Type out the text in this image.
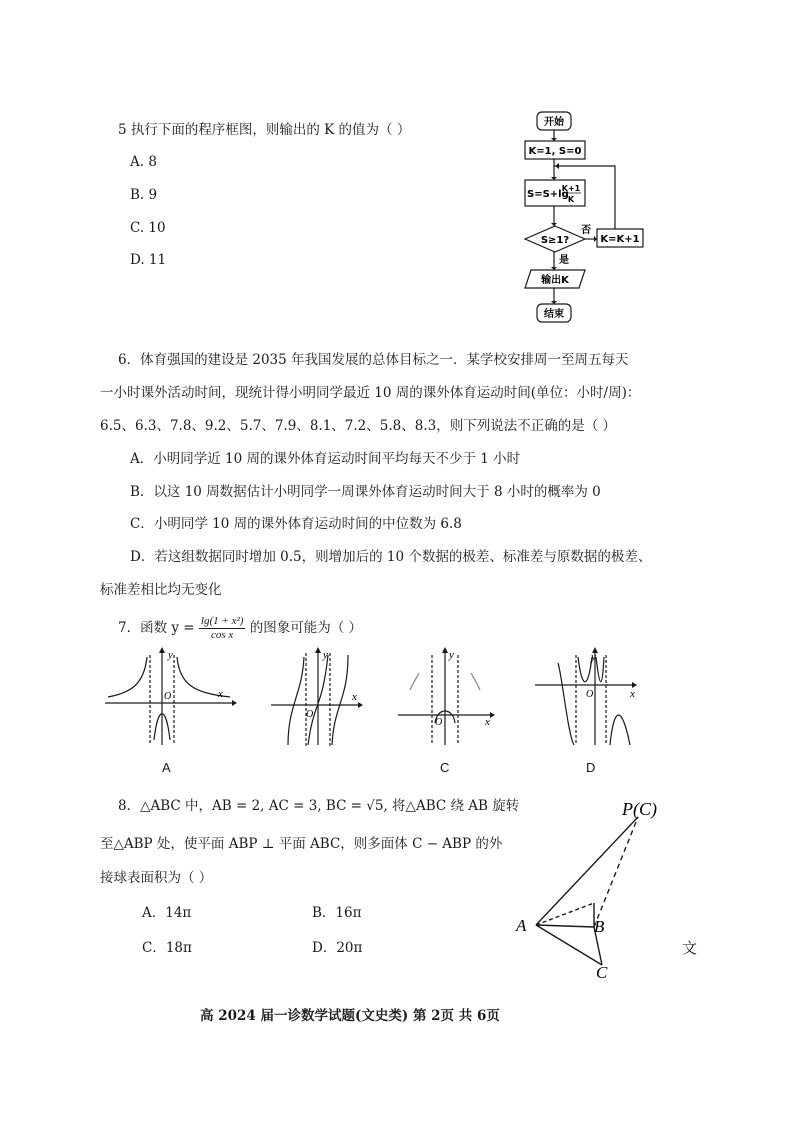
5 执行下面的程序框图，则输出的 K 的值为（ ）
A. 8
B. 9
C. 10
D. 11
开始
K=1, S=0
S=S+lg
K+1
K
S≥1?	K=K+1
否
是
输出K
结束
6．体育强国的建设是 2035 年我国发展的总体目标之一．某学校安排周一至周五每天
一小时课外活动时间，现统计得小明同学最近 10 周的课外体育运动时间(单位：小时/周)：
6.5、6.3、7.8、9.2、5.7、7.9、8.1、7.2、5.8、8.3，则下列说法不正确的是（ ）
A．小明同学近 10 周的课外体育运动时间平均每天不少于 1 小时
B．以这 10 周数据估计小明同学一周课外体育运动时间大于 8 小时的概率为 0
C．小明同学 10 周的课外体育运动时间的中位数为 6.8
D．若这组数据同时增加 0.5，则增加后的 10 个数据的极差、标准差与原数据的极差、
标准差相比均无变化
7．函数 $y = \frac{\text{lg(1 + x²)}}{\text{cos x}}$ 的图象可能为（ ）
y
x
O
A
y
x
O
y
x
O
C
y
x
O
D
8．△ABC 中，AB = 2, AC = 3, BC = √5, 将△ABC 绕 AB 旋转
至△ABP 处，使平面 ABP ⊥ 平面 ABC，则多面体 C − ABP 的外
接球表面积为（ ）
A．14π	B．16π
C．18π	D．20π
P(C)
A	B
C
文
高 2024 届一诊数学试题(文史类) 第 2页 共 6页
